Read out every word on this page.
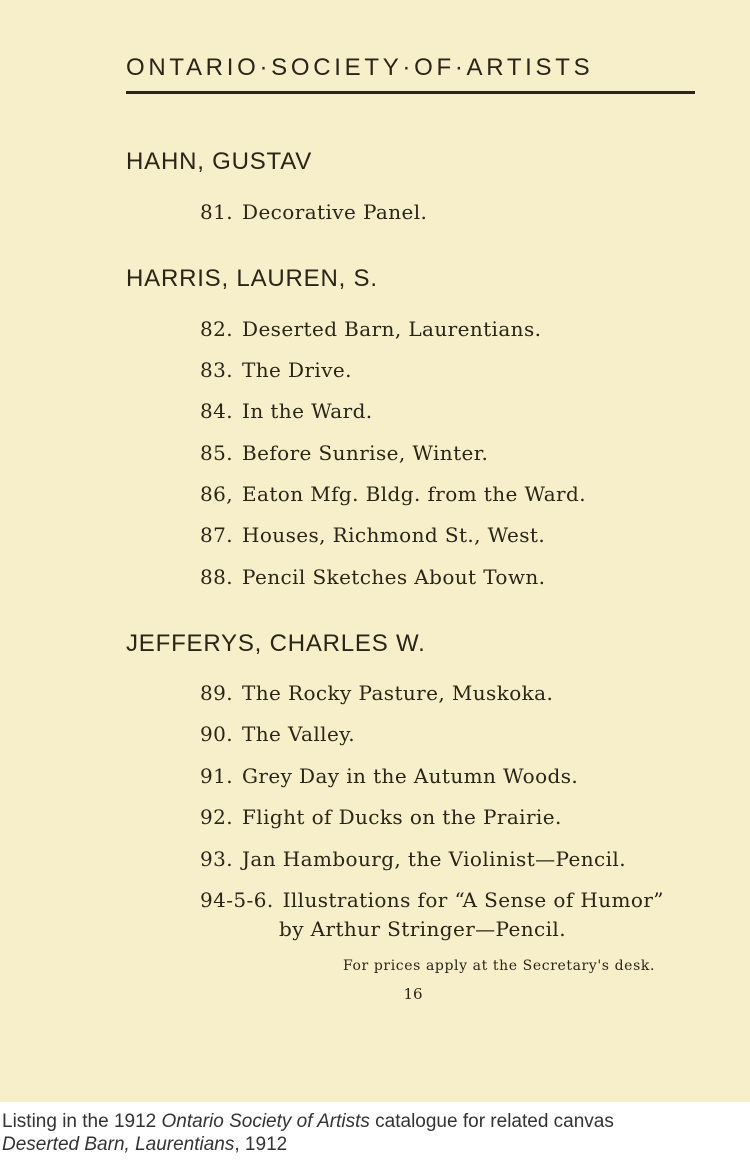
ONTARIO·SOCIETY·OF·ARTISTS
HAHN, GUSTAV
81. Decorative Panel.
HARRIS, LAUREN, S.
82. Deserted Barn, Laurentians.
83. The Drive.
84. In the Ward.
85. Before Sunrise, Winter.
86, Eaton Mfg. Bldg. from the Ward.
87. Houses, Richmond St., West.
88. Pencil Sketches About Town.
JEFFERYS, CHARLES W.
89. The Rocky Pasture, Muskoka.
90. The Valley.
91. Grey Day in the Autumn Woods.
92. Flight of Ducks on the Prairie.
93. Jan Hambourg, the Violinist—Pencil.
94-5-6. Illustrations for “A Sense of Humor”
by Arthur Stringer—Pencil.
For prices apply at the Secretary's desk.
16
Listing in the 1912 Ontario Society of Artists catalogue for related canvas
Deserted Barn, Laurentians, 1912
